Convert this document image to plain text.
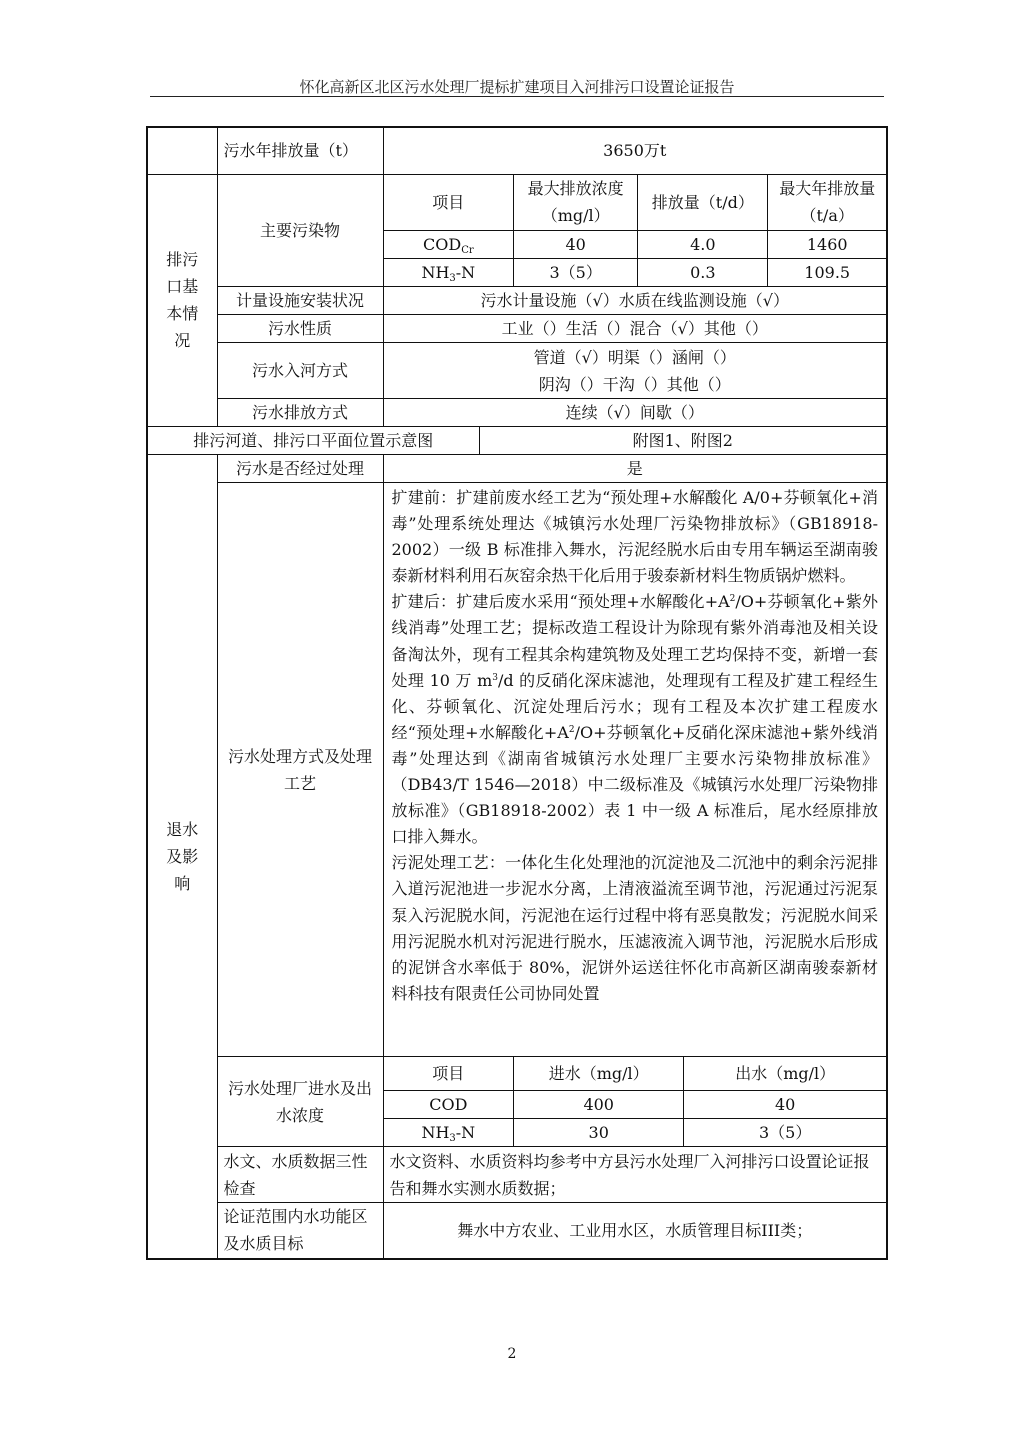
怀化高新区北区污水处理厂提标扩建项目入河排污口设置论证报告
	污水年排放量（t）	3650万t

排污口基本情况
	主要污染物	
项目	最大排放浓度（mg/l）	排放量（t/d）	最大年排放量（t/a）
$COD_{Cr}$	40	4.0	1460
$NH_3-N$	3（5）	0.3	109.5

计量设施安装状况	污水计量设施（√）水质在线监测设施（√）
污水性质	工业（）生活（）混合（√）其他（）
污水入河方式	
管道（√）明渠（）涵闸（）
阴沟（）干沟（）其他（）

污水排放方式	连续（√）间歇（）
排污河道、排污口平面位置示意图	附图1、附图2

退水及影响
	污水是否经过处理	是
污水处理方式及处理工艺	
扩建前：扩建前废水经工艺为“预处理+水解酸化 A/0+芬顿氧化+消毒”处理系统处理达《城镇污水处理厂污染物排放标》（GB18918-2002）一级 B 标准排入舞水，污泥经脱水后由专用车辆运至湖南骏泰新材料利用石灰窑余热干化后用于骏泰新材料生物质锅炉燃料。
扩建后：扩建后废水采用“预处理+水解酸化$+A^2/O+$芬顿氧化+紫外线消毒”处理工艺；提标改造工程设计为除现有紫外消毒池及相关设备淘汰外，现有工程其余构建筑物及处理工艺均保持不变，新增一套处理 10 万 $m^3/d$ 的反硝化深床滤池，处理现有工程及扩建工程经生化、芬顿氧化、沉淀处理后污水；现有工程及本次扩建工程废水经“预处理+水解酸化$+A^2/O+$芬顿氧化+反硝化深床滤池+紫外线消毒”处理达到《湖南省城镇污水处理厂主要水污染物排放标准》（DB43/T 1546—2018）中二级标准及《城镇污水处理厂污染物排放标准》（GB18918-2002）表 1 中一级 A 标准后，尾水经原排放口排入舞水。
污泥处理工艺：一体化生化处理池的沉淀池及二沉池中的剩余污泥排入道污泥池进一步泥水分离，上清液溢流至调节池，污泥通过污泥泵泵入污泥脱水间，污泥池在运行过程中将有恶臭散发；污泥脱水间采用污泥脱水机对污泥进行脱水，压滤液流入调节池，污泥脱水后形成的泥饼含水率低于 80%，泥饼外运送往怀化市高新区湖南骏泰新材料科技有限责任公司协同处置

污水处理厂进水及出水浓度	
项目	进水（mg/l）	出水（mg/l）
COD	400	40
$NH_3-N$	30	3（5）

水文、水质数据三性检查	水文资料、水质资料均参考中方县污水处理厂入河排污口设置论证报告和舞水实测水质数据；
论证范围内水功能区及水质目标	舞水中方农业、工业用水区，水质管理目标III类；
2
